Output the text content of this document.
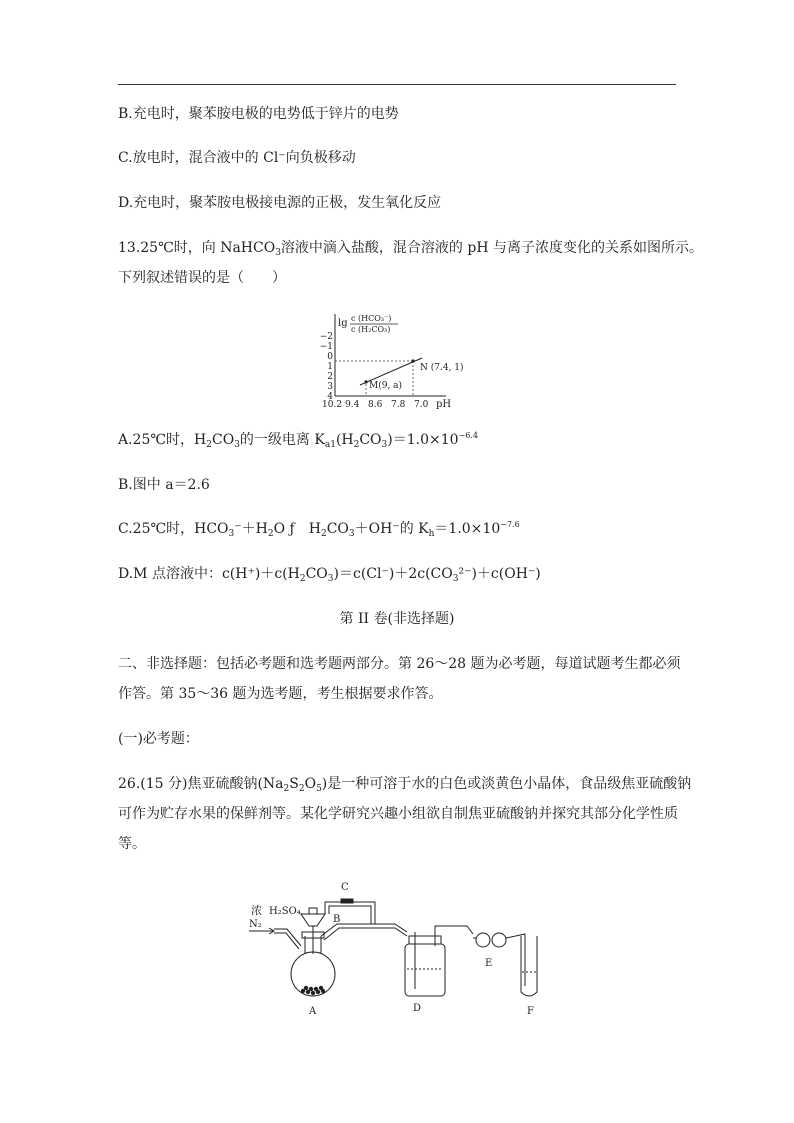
B.充电时，聚苯胺电极的电势低于锌片的电势
C.放电时，混合液中的 Cl⁻向负极移动
D.充电时，聚苯胺电极接电源的正极，发生氧化反应
13.25℃时，向 NaHCO$_3$溶液中滴入盐酸，混合溶液的 pH 与离子浓度变化的关系如图所示。
下列叙述错误的是（　　）
lg c (HCO₃⁻)
c (H₂CO₃)
−2
−1
0
1
2
3
4
10.2 9.4 8.6 7.8 7.0 pH
M(9, a)
N (7.4, 1)
A.25℃时，$H_2CO_3$的一级电离 $K_{a1}(H_2CO_3)=1.0\times 10^{-6.4}$
B.图中 a＝2.6
C.25℃时，$HCO_3^-+H_2O$ ƒ　$H_2CO_3+OH^-$的 $K_h=1.0\times 10^{-7.6}$
D.M 点溶液中：$c(H^+)+c(H_2CO_3)=c(Cl^-)+2c(CO_3^{2-})+c(OH^-)$
第 II 卷(非选择题)
二、非选择题：包括必考题和选考题两部分。第 26～28 题为必考题，每道试题考生都必须
作答。第 35～36 题为选考题，考生根据要求作答。
(一)必考题：
26.(15 分)焦亚硫酸钠$(Na_2S_2O_5)$是一种可溶于水的白色或淡黄色小晶体，食品级焦亚硫酸钠
可作为贮存水果的保鲜剂等。某化学研究兴趣小组欲自制焦亚硫酸钠并探究其部分化学性质
等。
浓 H₂SO₄
N₂
A
B
C
D
E
F
